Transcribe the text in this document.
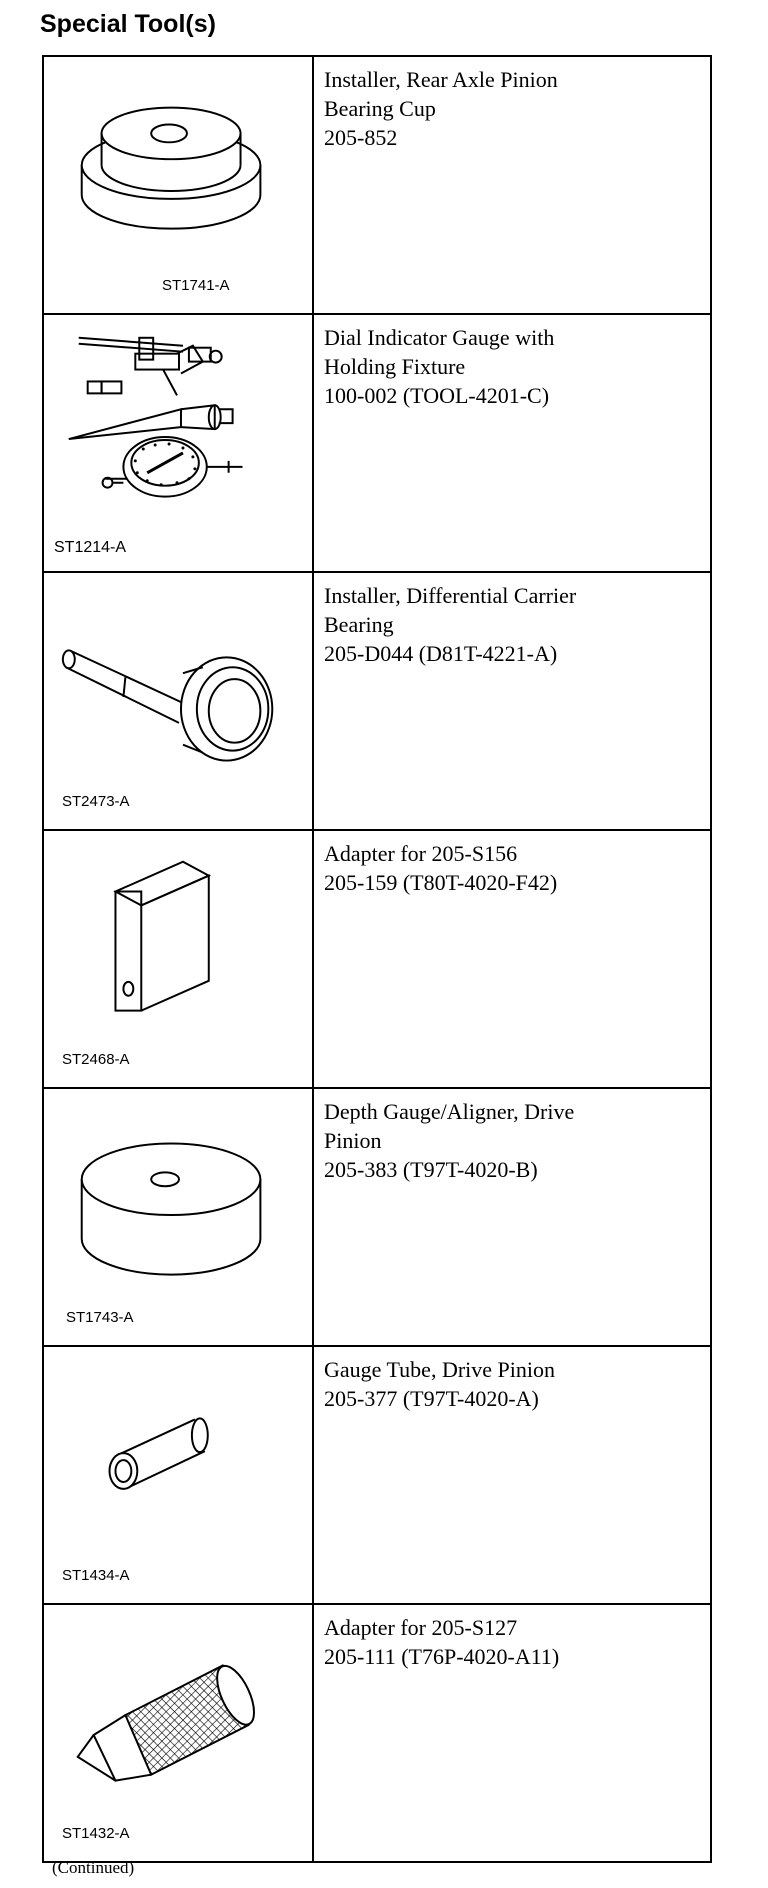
Special Tool(s)
ST1741-A	Installer, Rear Axle Pinion
Bearing Cup
205-852

ST1214-A	Dial Indicator Gauge with
Holding Fixture
100-002 (TOOL-4201-C)

ST2473-A	Installer, Differential Carrier
Bearing
205-D044 (D81T-4221-A)

ST2468-A	Adapter for 205-S156
205-159 (T80T-4020-F42)

ST1743-A	Depth Gauge/Aligner, Drive
Pinion
205-383 (T97T-4020-B)

ST1434-A	Gauge Tube, Drive Pinion
205-377 (T97T-4020-A)

ST1432-A	Adapter for 205-S127
205-111 (T76P-4020-A11)
(Continued)
